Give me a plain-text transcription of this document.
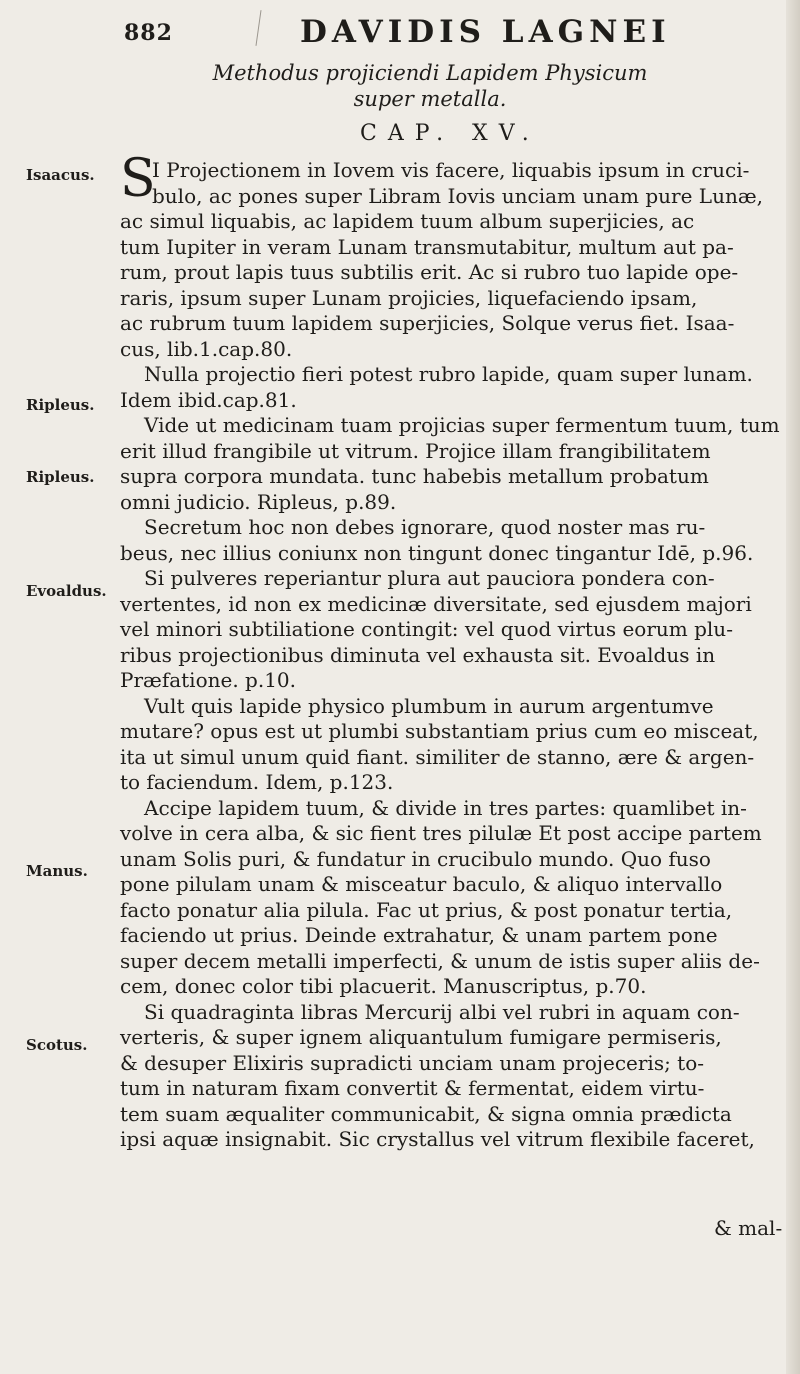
882	DAVIDIS LAGNEI
Methodus projiciendi Lapidem Physicum super metalla.
CAP. XV.
Isaacus.
Ripleus.
Ripleus.
Evoaldus.
Manus.
Scotus.
S
I Projectionem in Iovem vis facere, liquabis ipsum in cruci-
bulo, ac pones super Libram Iovis unciam unam pure Lunæ,
ac simul liquabis, ac lapidem tuum album superjicies, ac
tum Iupiter in veram Lunam transmutabitur, multum aut pa-
rum, prout lapis tuus subtilis erit. Ac si rubro tuo lapide ope-
raris, ipsum super Lunam projicies, liquefaciendo ipsam,
ac rubrum tuum lapidem superjicies, Solque verus fiet. Isaa-
cus, lib.1.cap.80.
Nulla projectio fieri potest rubro lapide, quam super lunam.
Idem ibid.cap.81.
Vide ut medicinam tuam projicias super fermentum tuum, tum
erit illud frangibile ut vitrum. Projice illam frangibilitatem
supra corpora mundata. tunc habebis metallum probatum
omni judicio. Ripleus, p.89.
Secretum hoc non debes ignorare, quod noster mas ru-
beus, nec illius coniunx non tingunt donec tingantur Idē, p.96.
Si pulveres reperiantur plura aut pauciora pondera con-
vertentes, id non ex medicinæ diversitate, sed ejusdem majori
vel minori subtiliatione contingit: vel quod virtus eorum plu-
ribus projectionibus diminuta vel exhausta sit. Evoaldus in
Præfatione. p.10.
Vult quis lapide physico plumbum in aurum argentumve
mutare? opus est ut plumbi substantiam prius cum eo misceat,
ita ut simul unum quid fiant. similiter de stanno, ære & argen-
to faciendum. Idem, p.123.
Accipe lapidem tuum, & divide in tres partes: quamlibet in-
volve in cera alba, & sic fient tres pilulæ Et post accipe partem
unam Solis puri, & fundatur in crucibulo mundo. Quo fuso
pone pilulam unam & misceatur baculo, & aliquo intervallo
facto ponatur alia pilula. Fac ut prius, & post ponatur tertia,
faciendo ut prius. Deinde extrahatur, & unam partem pone
super decem metalli imperfecti, & unum de istis super aliis de-
cem, donec color tibi placuerit. Manuscriptus, p.70.
Si quadraginta libras Mercurij albi vel rubri in aquam con-
verteris, & super ignem aliquantulum fumigare permiseris,
& desuper Elixiris supradicti unciam unam projeceris; to-
tum in naturam fixam convertit & fermentat, eidem virtu-
tem suam æqualiter communicabit, & signa omnia prædicta
ipsi aquæ insignabit. Sic crystallus vel vitrum flexibile faceret,
& mal-
